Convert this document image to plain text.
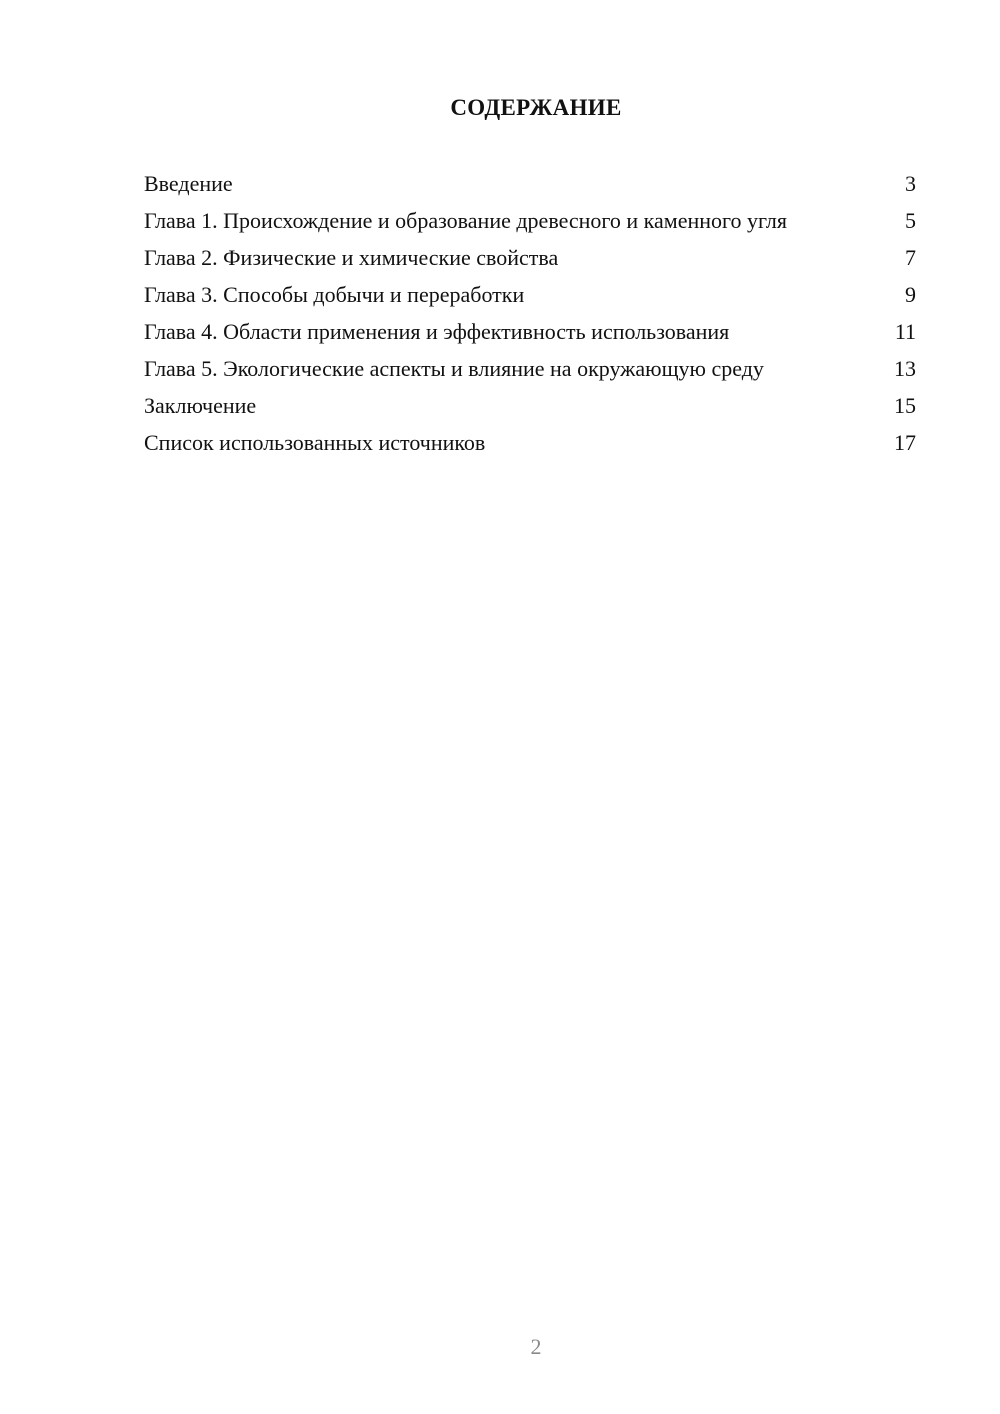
СОДЕРЖАНИЕ
Введение	3
Глава 1. Происхождение и образование древесного и каменного угля	5
Глава 2. Физические и химические свойства	7
Глава 3. Способы добычи и переработки	9
Глава 4. Области применения и эффективность использования	11
Глава 5. Экологические аспекты и влияние на окружающую среду	13
Заключение	15
Список использованных источников	17
2
